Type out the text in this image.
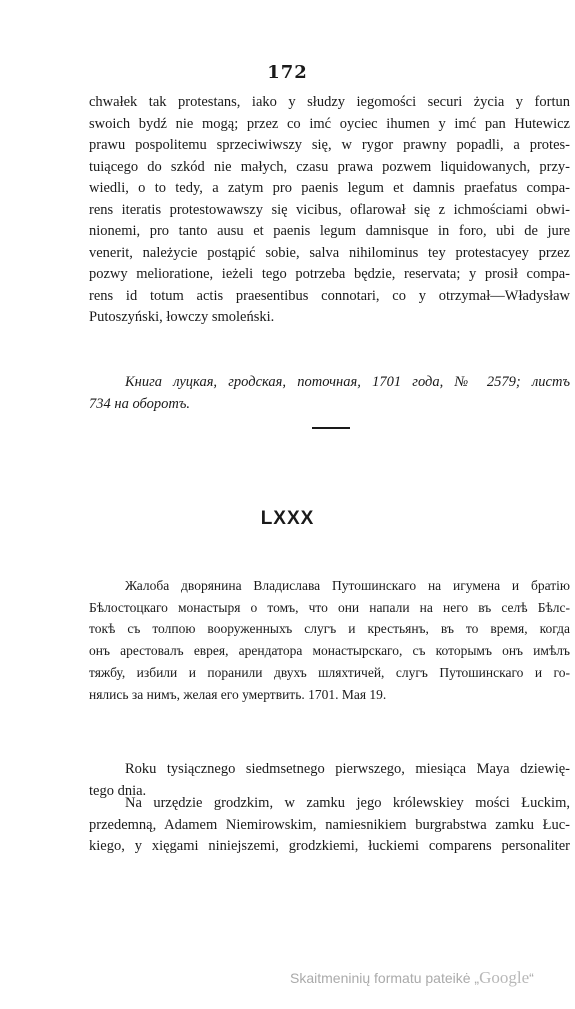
172
chwałek tak protestans, iako y słudzy iegomości securi życia y fortun
swoich bydź nie mogą; przez co imć oyciec ihumen y imć pan Hutewicz
prawu pospolitemu sprzeciwiwszy się, w rygor prawny popadli, a protes-
tuiącego do szkód nie małych, czasu prawa pozwem liquidowanych, przy-
wiedli, o to tedy, a zatym pro paenis legum et damnis praefatus compa-
rens iteratis protestowawszy się vicibus, oflarował się z ichmościami obwi-
nionemi, pro tanto ausu et paenis legum damnisque in foro, ubi de jure
venerit, należycie postąpić sobie, salva nihilominus tey protestacyey przez
pozwy melioratione, ieżeli tego potrzeba będzie, reservata; y prosił compa-
rens id totum actis praesentibus connotari, co y otrzymał—Władysław
Putoszyński, łowczy smoleński.
Книга луцкая, гродская, поточная, 1701 года, № 2579; листъ
734 на оборотъ.
LXXX
Жалоба дворянина Владислава Путошинскаго на игумена и братію
Бѣлостоцкаго монастыря о томъ, что они напали на него въ селѣ Бѣлс-
токѣ съ толпою вооруженныхъ слугъ и крестьянъ, въ то время, когда
онъ арестовалъ еврея, арендатора монастырскаго, съ которымъ онъ имѣлъ
тяжбу, избили и поранили двухъ шляхтичей, слугъ Путошинскаго и го-
нялись за нимъ, желая его умертвить. 1701. Мая 19.
Roku tysiącznego siedmsetnego pierwszego, miesiąca Maya dziewię-
tego dnia.
Na urzędzie grodzkim, w zamku jego królewskiey mości Łuckim,
przedemną, Adamem Niemirowskim, namiesnikiem burgrabstwa zamku Łuc-
kiego, y xięgami niniejszemi, grodzkiemi, łuckiemi comparens personaliter
Skaitmeninių formatu pateikė „Google“
